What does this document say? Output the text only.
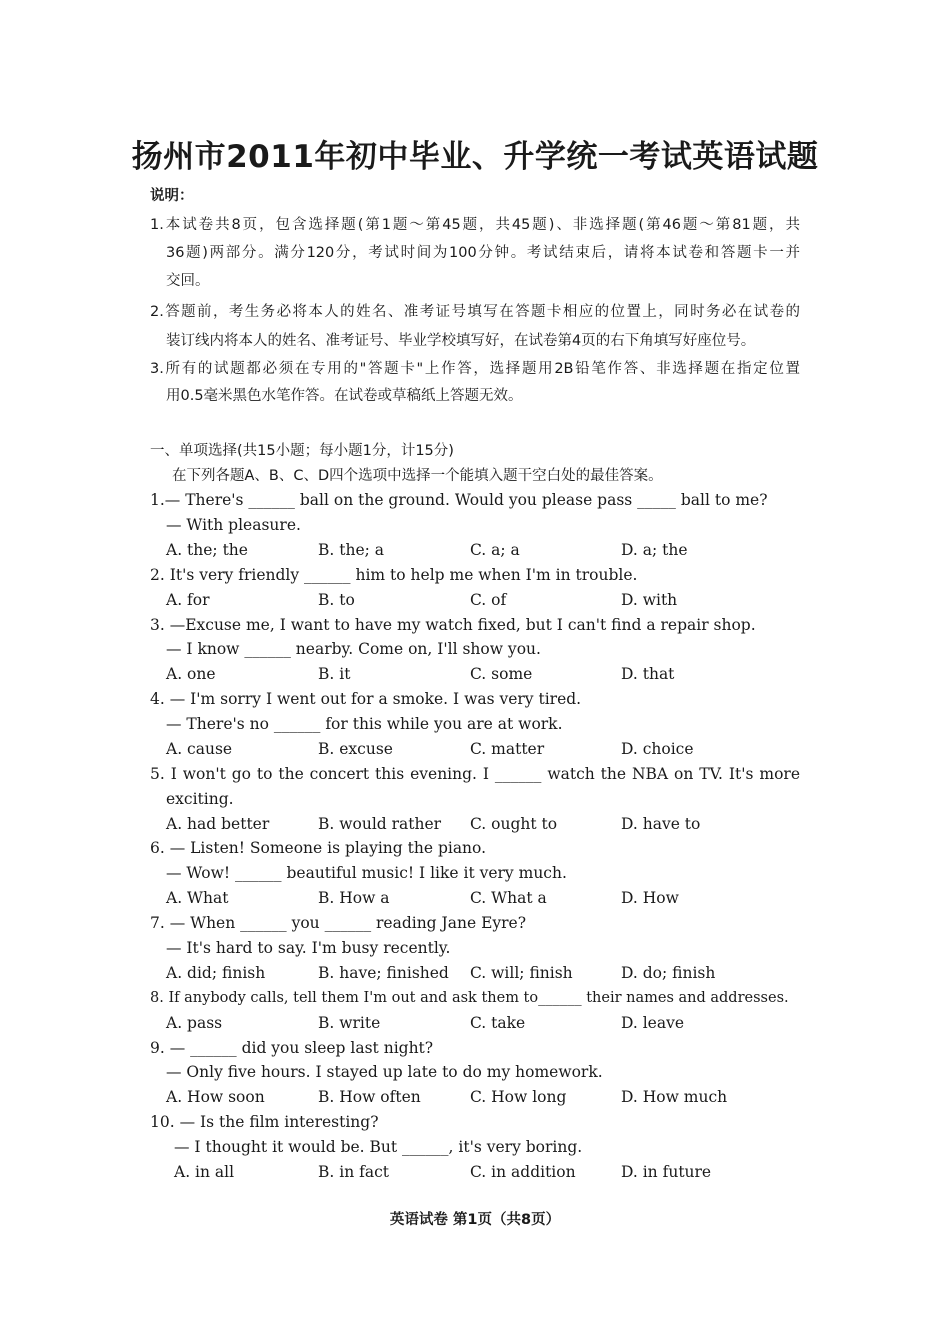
扬州市2011年初中毕业、升学统一考试英语试题
说明：
1.本试卷共8页，包含选择题(第1题～第45题，共45题)、非选择题(第46题～第81题，共
36题)两部分。满分120分，考试时间为100分钟。考试结束后，请将本试卷和答题卡一并
交回。
2.答题前，考生务必将本人的姓名、准考证号填写在答题卡相应的位置上，同时务必在试卷的
装订线内将本人的姓名、准考证号、毕业学校填写好，在试卷第4页的右下角填写好座位号。
3.所有的试题都必须在专用的"答题卡"上作答，选择题用2B铅笔作答、非选择题在指定位置
用0.5毫米黑色水笔作答。在试卷或草稿纸上答题无效。
一、单项选择(共15小题；每小题1分，计15分)
在下列各题A、B、C、D四个选项中选择一个能填入题干空白处的最佳答案。
1.— There's ______ ball on the ground. Would you please pass _____ ball to me?
— With pleasure.
A. the; the	B. the; a	C. a; a	D. a; the
2. It's very friendly ______ him to help me when I'm in trouble.
A. for	B. to	C. of	D. with
3. —Excuse me, I want to have my watch fixed, but I can't find a repair shop.
— I know ______ nearby. Come on, I'll show you.
A. one	B. it	C. some	D. that
4. — I'm sorry I went out for a smoke. I was very tired.
— There's no ______ for this while you are at work.
A. cause	B. excuse	C. matter	D. choice
5. I won't go to the concert this evening. I ______ watch the NBA on TV. It's more
exciting.
A. had better	B. would rather C. ought to	D. have to
6. — Listen! Someone is playing the piano.
— Wow! ______ beautiful music! I like it very much.
A. What	B. How a	C. What a	D. How
7. — When ______ you ______ reading Jane Eyre?
— It's hard to say. I'm busy recently.
A. did; finish	B. have; finished C. will; finish	D. do; finish
8. If anybody calls, tell them I'm out and ask them to______ their names and addresses.
A. pass	B. write	C. take	D. leave
9. — ______ did you sleep last night?
— Only five hours. I stayed up late to do my homework.
A. How soon	B. How often	C. How long	D. How much
10. — Is the film interesting?
— I thought it would be. But ______, it's very boring.
A. in all	B. in fact	C. in addition	D. in future
英语试卷 第1页（共8页）
